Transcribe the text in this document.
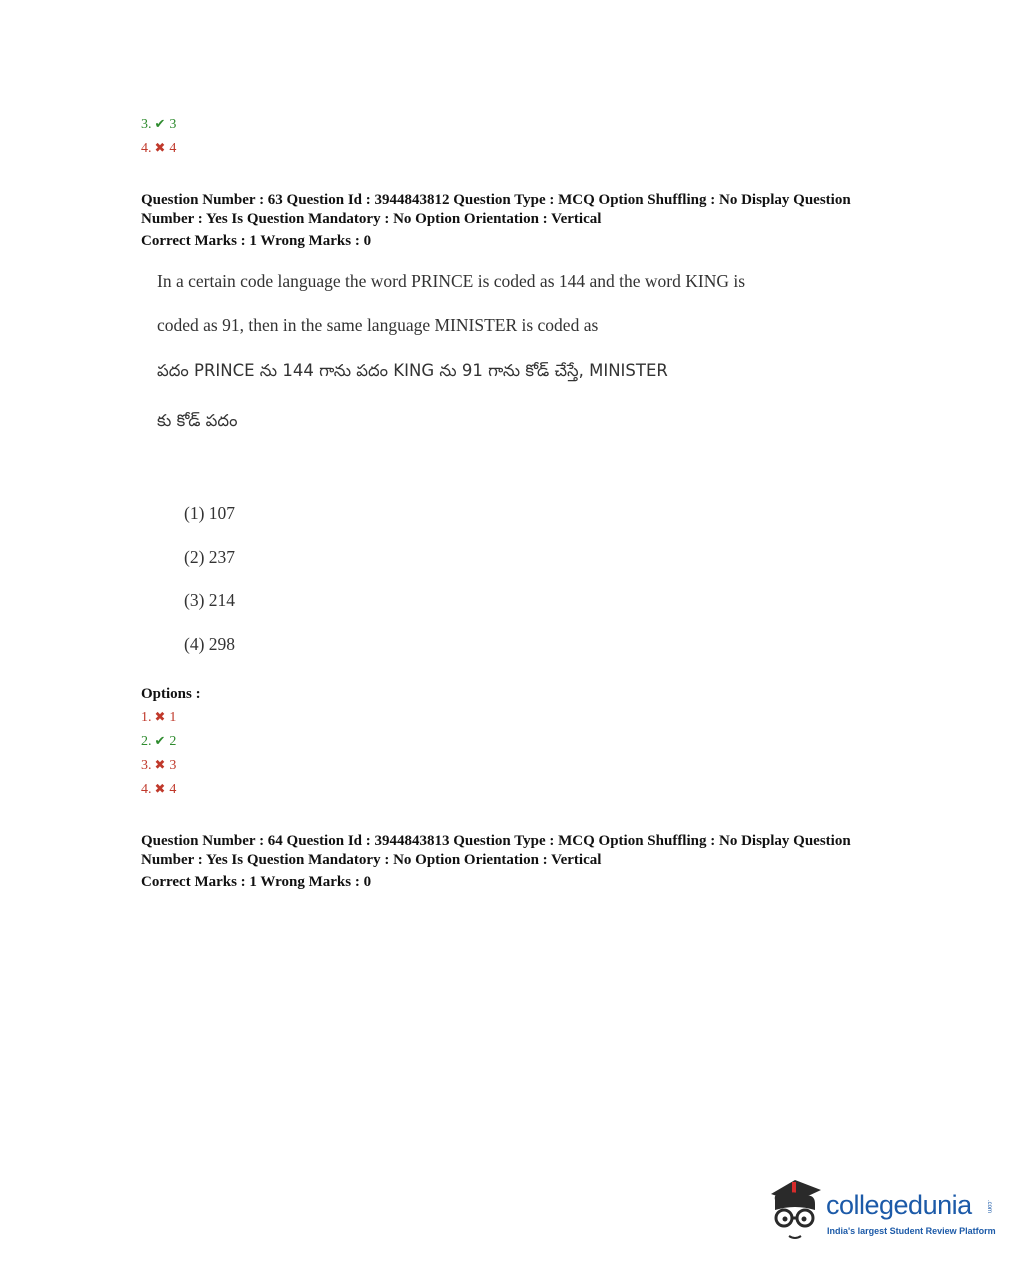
3. ✔ 3
4. ✖ 4
Question Number : 63 Question Id : 3944843812 Question Type : MCQ Option Shuffling : No Display Question
Number : Yes Is Question Mandatory : No Option Orientation : Vertical
Correct Marks : 1 Wrong Marks : 0
In a certain code language the word PRINCE is coded as 144 and the word KING is
coded as 91, then in the same language MINISTER is coded as
పదం PRINCE ను 144 గాను పదం KING ను 91 గాను కోడ్ చేస్తే, MINISTER
కు కోడ్ పదం
(1) 107
(2) 237
(3) 214
(4) 298
Options :
1. ✖ 1
2. ✔ 2
3. ✖ 3
4. ✖ 4
Question Number : 64 Question Id : 3944843813 Question Type : MCQ Option Shuffling : No Display Question
Number : Yes Is Question Mandatory : No Option Orientation : Vertical
Correct Marks : 1 Wrong Marks : 0
collegedunia .com
India's largest Student Review Platform
